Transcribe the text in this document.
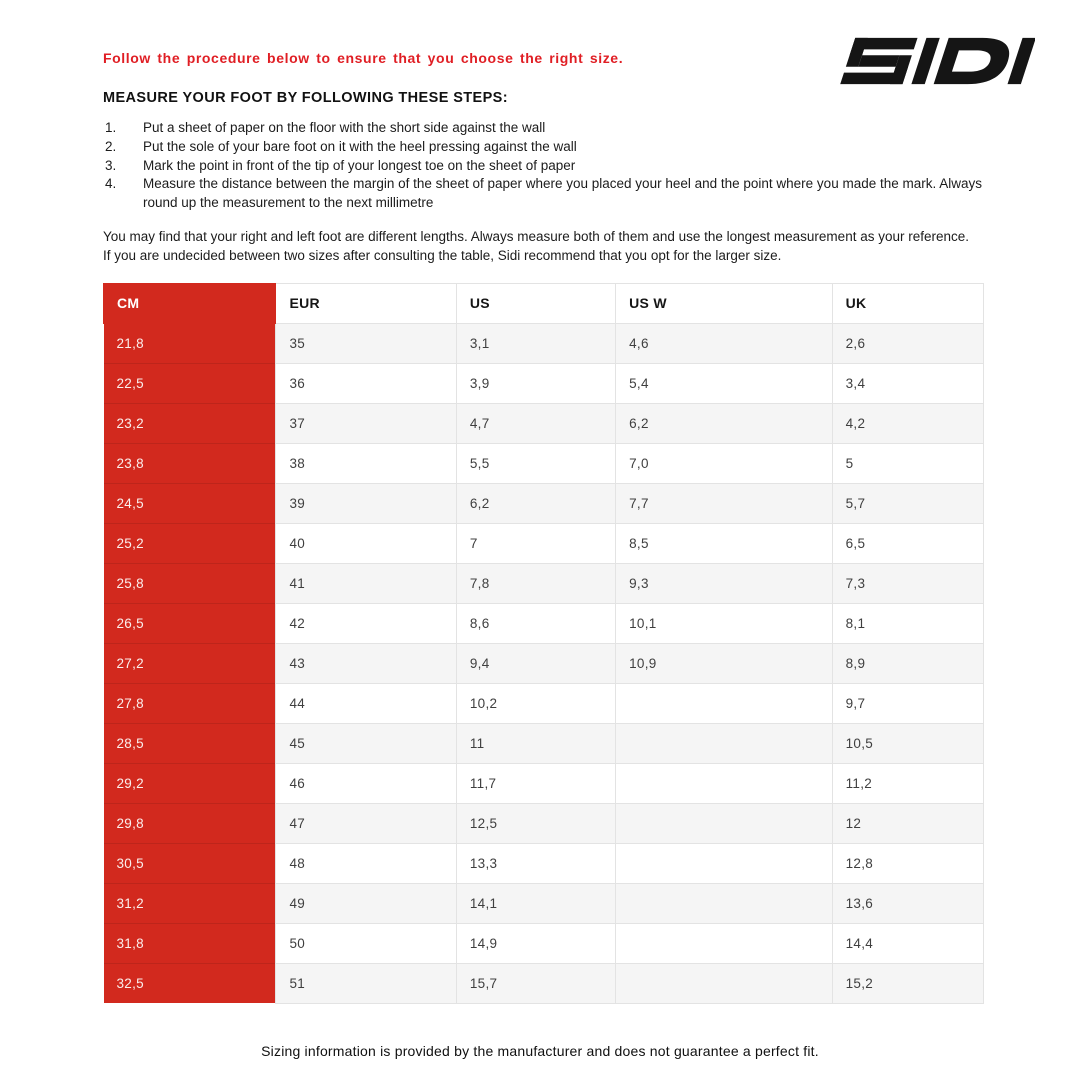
Follow the procedure below to ensure that you choose the right size.

MEASURE YOUR FOOT BY FOLLOWING THESE STEPS:
1.	Put a sheet of paper on the floor with the short side against the wall
2.	Put the sole of your bare foot on it with the heel pressing against the wall
3.	Mark the point in front of the tip of your longest toe on the sheet of paper
4.	Measure the distance between the margin of the sheet of paper where you placed your heel and the point where you made the mark. Always round up the measurement to the next millimetre

You may find that your right and left foot are different lengths. Always measure both of them and use the longest measurement as your reference.

If you are undecided between two sizes after consulting the table, Sidi recommend that you opt for the larger size.

CM	EUR	US	US W	UK
21,8	35	3,1	4,6	2,6
22,5	36	3,9	5,4	3,4
23,2	37	4,7	6,2	4,2
23,8	38	5,5	7,0	5
24,5	39	6,2	7,7	5,7
25,2	40	7	8,5	6,5
25,8	41	7,8	9,3	7,3
26,5	42	8,6	10,1	8,1
27,2	43	9,4	10,9	8,9
27,8	44	10,2		9,7
28,5	45	11		10,5
29,2	46	11,7		11,2
29,8	47	12,5		12
30,5	48	13,3		12,8
31,2	49	14,1		13,6
31,8	50	14,9		14,4
32,5	51	15,7		15,2
Sizing information is provided by the manufacturer and does not guarantee a perfect fit.
